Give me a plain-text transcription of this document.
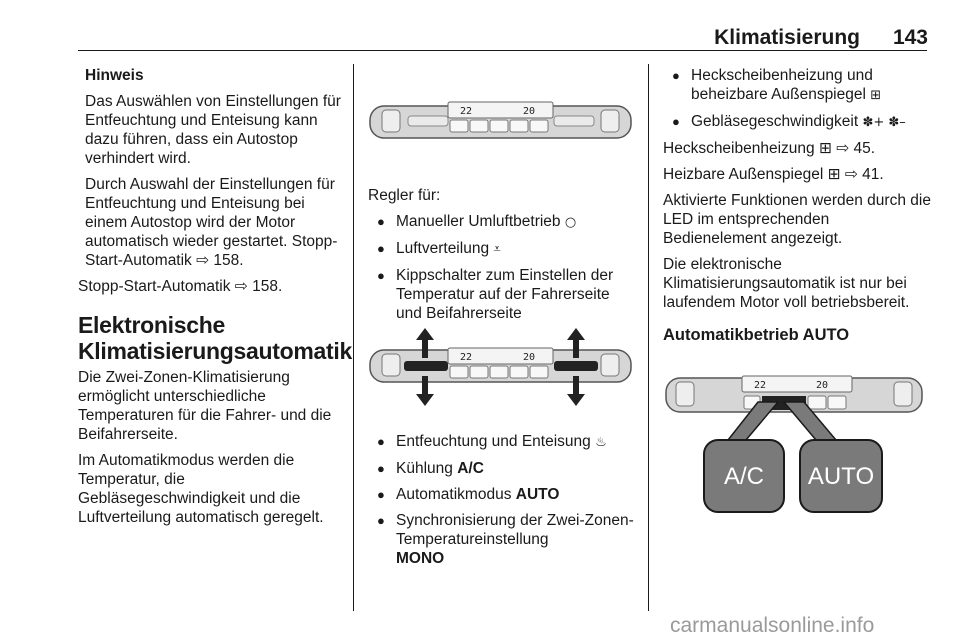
Klimatisierung	143

Hinweis

Das Auswählen von Einstellungen für Entfeuchtung und Enteisung kann dazu führen, dass ein Autostop verhindert wird.

Durch Auswahl der Einstellungen für Entfeuchtung und Enteisung bei einem Autostop wird der Motor automatisch wieder gestartet. Stopp-Start-Automatik ⇨ 158.

Stopp-Start-Automatik ⇨ 158.

Elektronische Klimatisierungsautomatik

Die Zwei-Zonen-Klimatisierung ermöglicht unterschiedliche Temperaturen für die Fahrer- und die Beifahrerseite.

Im Automatikmodus werden die Temperatur, die Gebläsegeschwindigkeit und die Luftverteilung automatisch geregelt.

22	20

Regler für:

● Manueller Umluftbetrieb ○
● Luftverteilung ⩡
● Kippschalter zum Einstellen der Temperatur auf der Fahrerseite und Beifahrerseite
22	20
● Entfeuchtung und Enteisung ♨
● Kühlung A/C
● Automatikmodus AUTO
● Synchronisierung der Zwei-Zonen-Temperatureinstellung
MONO
● Heckscheibenheizung und beheizbare Außenspiegel ⊞
● Gebläsegeschwindigkeit ✽+ ✽–

Heckscheibenheizung ⊞ ⇨ 45.

Heizbare Außenspiegel ⊞ ⇨ 41.

Aktivierte Funktionen werden durch die LED im entsprechenden Bedienelement angezeigt.

Die elektronische Klimatisierungsautomatik ist nur bei laufendem Motor voll betriebsbereit.

Automatikbetrieb AUTO
22	20
A/C AUTO
carmanualsonline.info
